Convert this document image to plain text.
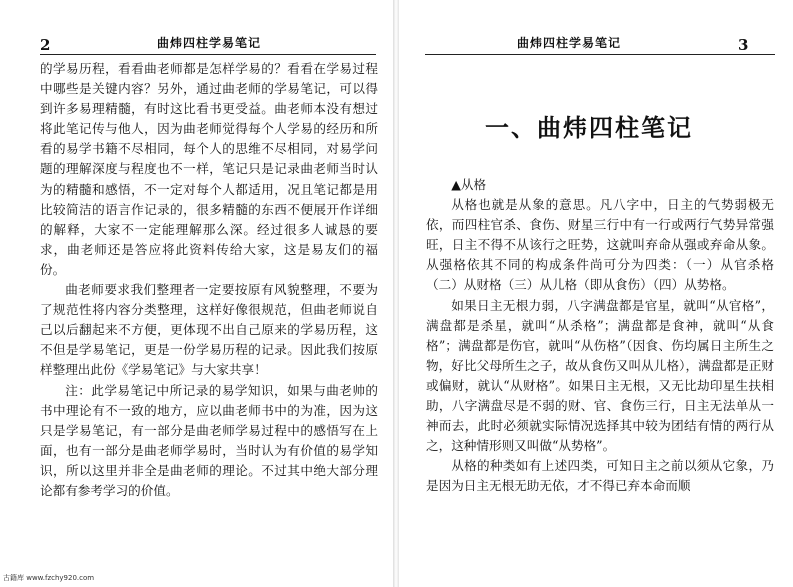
2	曲炜四柱学易笔记

的学易历程，看看曲老师都是怎样学易的？看看在学易过程中哪些是关键内容？另外，通过曲老师的学易笔记，可以得到许多易理精髓，有时这比看书更受益。曲老师本没有想过将此笔记传与他人，因为曲老师觉得每个人学易的经历和所看的易学书籍不尽相同，每个人的思维不尽相同，对易学问题的理解深度与程度也不一样，笔记只是记录曲老师当时认为的精髓和感悟，不一定对每个人都适用，况且笔记都是用比较简洁的语言作记录的，很多精髓的东西不便展开作详细的解释，大家不一定能理解那么深。经过很多人诚恳的要求，曲老师还是答应将此资料传给大家，这是易友们的福份。

曲老师要求我们整理者一定要按原有风貌整理，不要为了规范性将内容分类整理，这样好像很规范，但曲老师说自己以后翻起来不方便，更体现不出自己原来的学易历程，这不但是学易笔记，更是一份学易历程的记录。因此我们按原样整理出此份《学易笔记》与大家共享！

注：此学易笔记中所记录的易学知识，如果与曲老帅的书中理论有不一致的地方，应以曲老师书中的为准，因为这只是学易笔记，有一部分是曲老师学易过程中的感悟写在上面，也有一部分是曲老师学易时，当时认为有价值的易学知识，所以这里并非全是曲老师的理论。不过其中绝大部分理论都有参考学习的价值。

曲炜四柱学易笔记	3
一、曲炜四柱笔记

▲从格

从格也就是从象的意思。凡八字中，日主的气势弱极无依，而四柱官杀、食伤、财星三行中有一行或两行气势异常强旺，日主不得不从该行之旺势，这就叫弃命从强或弃命从象。从强格依其不同的构成条件尚可分为四类：（一）从官杀格（二）从财格（三）从儿格（即从食伤）（四）从势格。

如果日主无根力弱，八字满盘都是官星，就叫“从官格”，满盘都是杀星，就叫“从杀格”；满盘都是食神，就叫“从食格”；满盘都是伤官，就叫“从伤格”（因食、伤均属日主所生之物，好比父母所生之子，故从食伤又叫从儿格），满盘都是正财或偏财，就认“从财格”。如果日主无根，又无比劫印星生扶相助，八字满盘尽是不弱的财、官、食伤三行，日主无法单从一神而去，此时必须就实际情况选择其中较为团结有情的两行从之，这种情形则又叫做“从势格”。

从格的种类如有上述四类，可知日主之前以须从它象，乃是因为日主无根无助无依，才不得已弃本命而顺

古籍库 www.fzchy920.com
